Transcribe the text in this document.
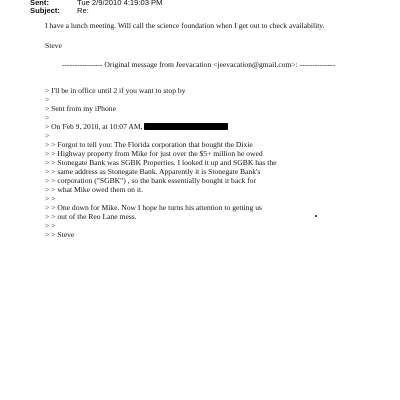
Sent:	Tue 2/9/2010 4:19:03 PM
Subject: Re:
I have a lunch meeting. Will call the science foundation when I get out to check availability.
Steve
---------------- Original message from Jeevacation <jeevacation@gmail.com>: --------------
> I'll be in office until 2 if you want to stop by
>
> Sent from my iPhone
>
> On Feb 9, 2010, at 10:07 AM,
>
> > Forgot to tell you: The Florida corporation that bought the Dixie
> > Highway property from Mike for just over the $5+ million he owed
> > Stonegate Bank was SGBK Properties. I looked it up and SGBK has the
> > same address as Stonegate Bank. Apparently it is Stonegate Bank's
> > corporation ("SGBK") , so the bank essentially bought it back for
> > what Mike owed them on it.
> >
> > One down for Mike. Now I hope he turns his attention to getting us
> > out of the Reo Lane mess.
> >
> > Steve
